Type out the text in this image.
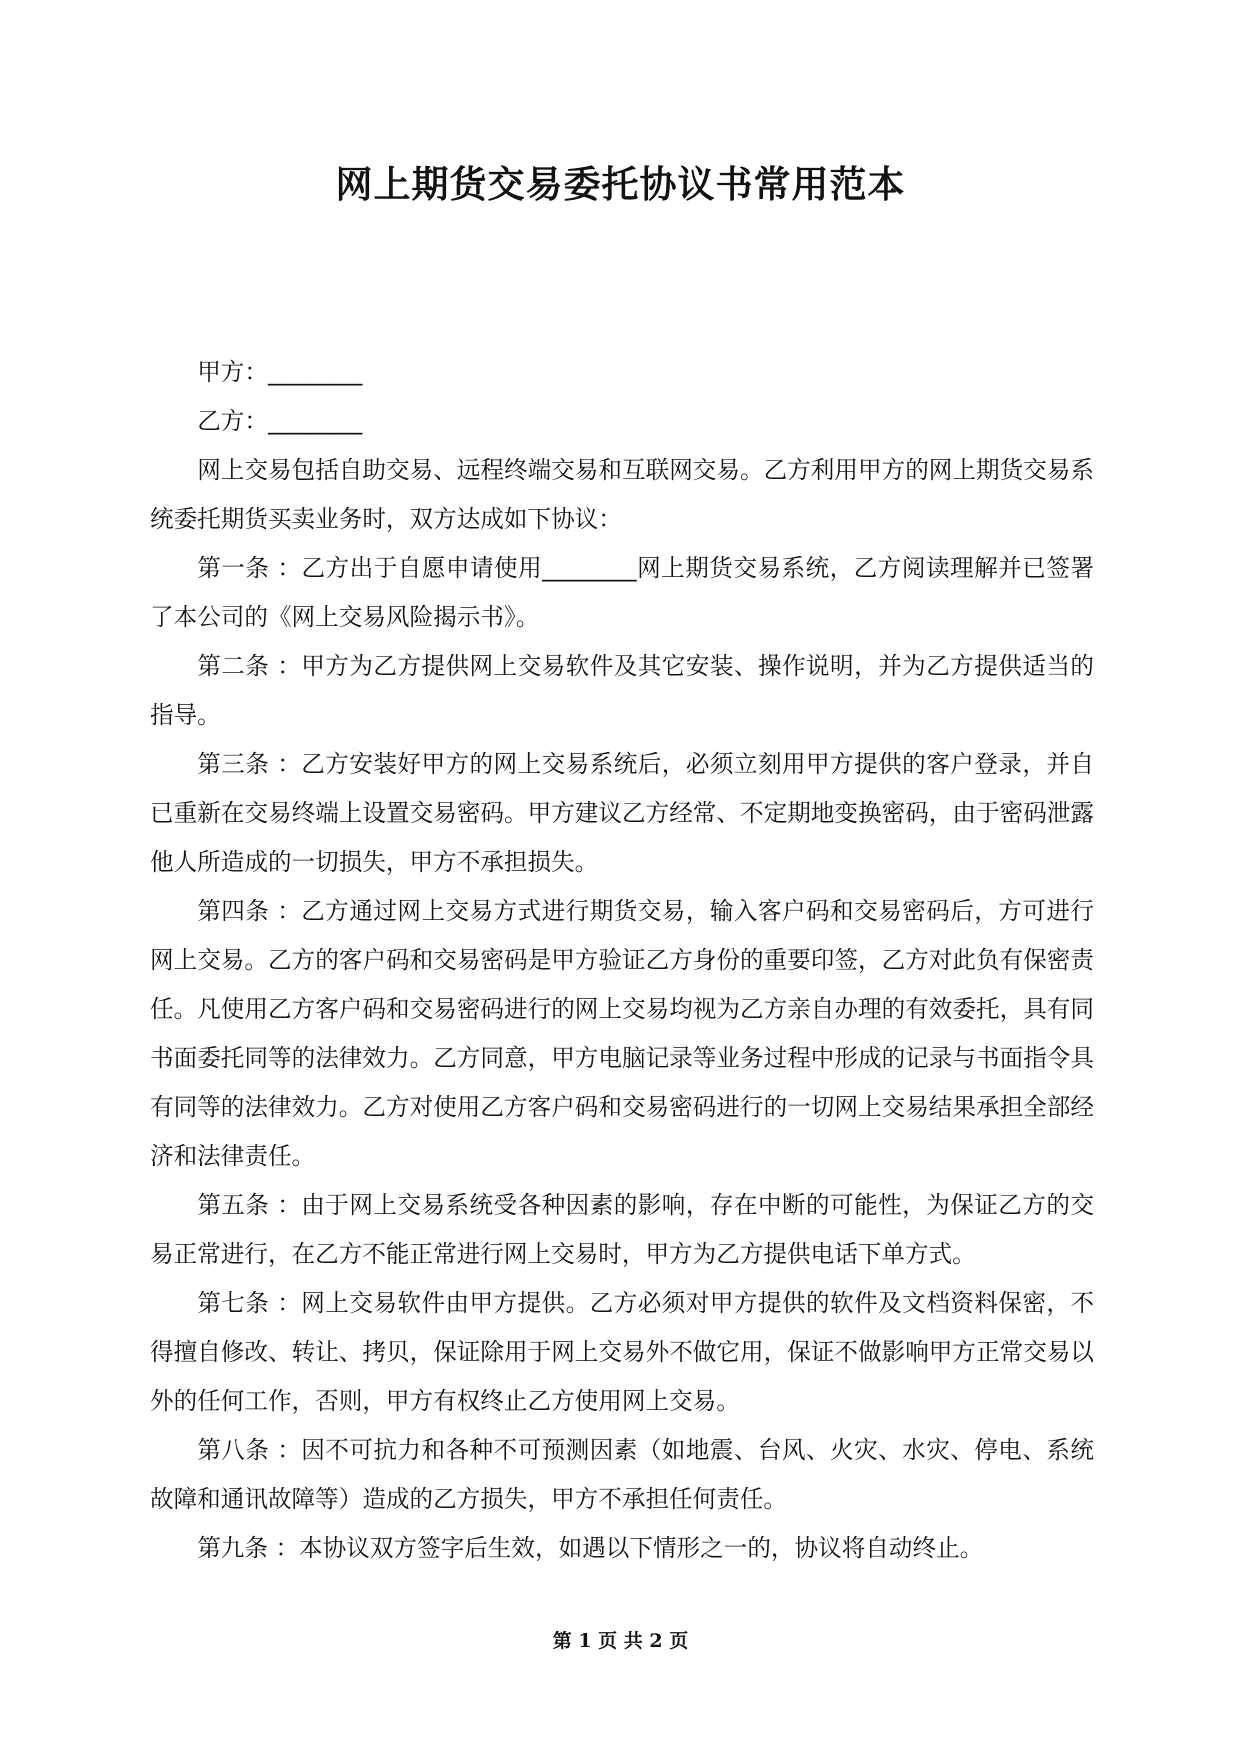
网上期货交易委托协议书常用范本

甲方：________

乙方：________

网上交易包括自助交易、远程终端交易和互联网交易。乙方利用甲方的网上期货交易系统委托期货买卖业务时，双方达成如下协议：

第一条 ：乙方出于自愿申请使用________网上期货交易系统，乙方阅读理解并已签署了本公司的《网上交易风险揭示书》。

第二条 ：甲方为乙方提供网上交易软件及其它安装、操作说明，并为乙方提供适当的指导。

第三条 ：乙方安装好甲方的网上交易系统后，必须立刻用甲方提供的客户登录，并自已重新在交易终端上设置交易密码。甲方建议乙方经常、不定期地变换密码，由于密码泄露他人所造成的一切损失，甲方不承担损失。

第四条 ：乙方通过网上交易方式进行期货交易，输入客户码和交易密码后，方可进行网上交易。乙方的客户码和交易密码是甲方验证乙方身份的重要印签，乙方对此负有保密责任。凡使用乙方客户码和交易密码进行的网上交易均视为乙方亲自办理的有效委托，具有同书面委托同等的法律效力。乙方同意，甲方电脑记录等业务过程中形成的记录与书面指令具有同等的法律效力。乙方对使用乙方客户码和交易密码进行的一切网上交易结果承担全部经济和法律责任。

第五条 ：由于网上交易系统受各种因素的影响，存在中断的可能性，为保证乙方的交易正常进行，在乙方不能正常进行网上交易时，甲方为乙方提供电话下单方式。

第七条 ：网上交易软件由甲方提供。乙方必须对甲方提供的软件及文档资料保密，不得擅自修改、转让、拷贝，保证除用于网上交易外不做它用，保证不做影响甲方正常交易以外的任何工作，否则，甲方有权终止乙方使用网上交易。

第八条 ：因不可抗力和各种不可预测因素（如地震、台风、火灾、水灾、停电、系统故障和通讯故障等）造成的乙方损失，甲方不承担任何责任。

第九条 ：本协议双方签字后生效，如遇以下情形之一的，协议将自动终止。

第 1 页 共 2 页
